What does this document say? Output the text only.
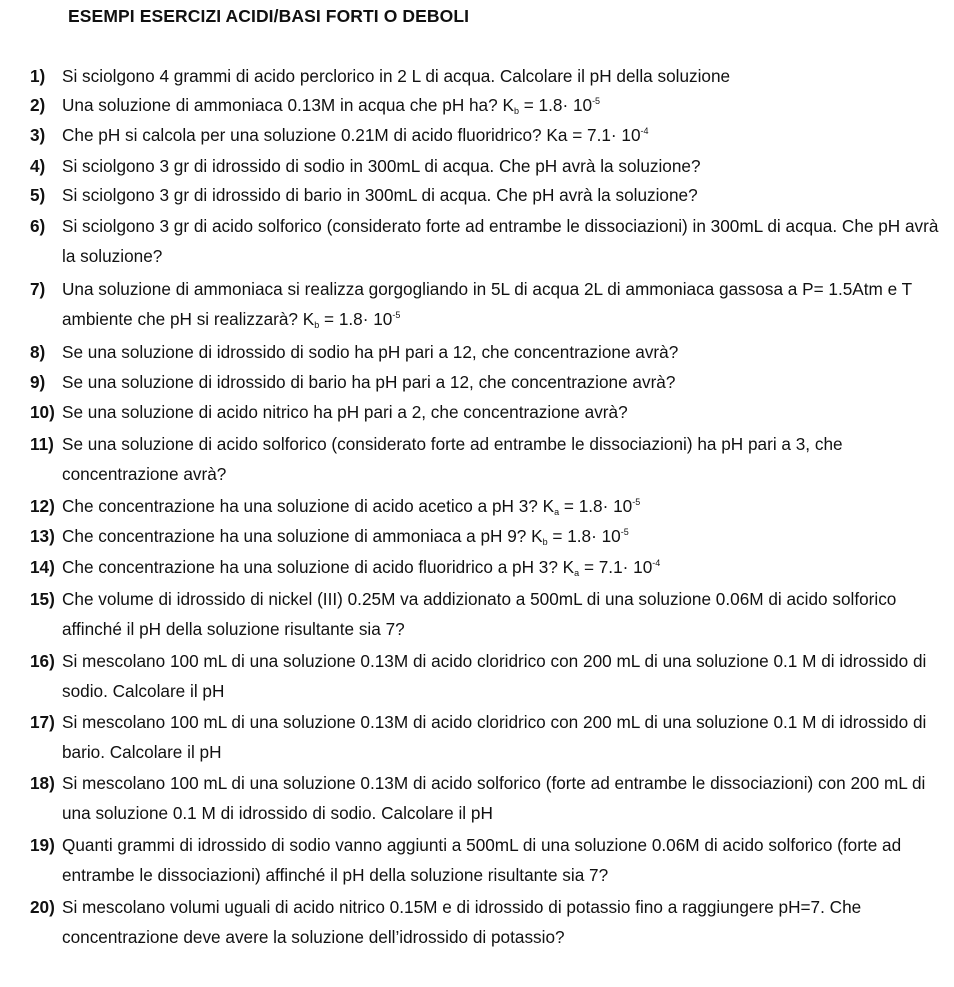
ESEMPI ESERCIZI ACIDI/BASI FORTI O DEBOLI
1) Si sciolgono 4 grammi di acido perclorico in 2 L di acqua. Calcolare il pH della soluzione
2) Una soluzione di ammoniaca 0.13M in acqua che pH ha? $K_b = 1.8\cdot 10^{-5}$
3) Che pH si calcola per una soluzione 0.21M di acido fluoridrico? $Ka = 7.1\cdot 10^{-4}$
4) Si sciolgono 3 gr di idrossido di sodio in 300mL di acqua. Che pH avrà la soluzione?
5) Si sciolgono 3 gr di idrossido di bario in 300mL di acqua. Che pH avrà la soluzione?
6) Si sciolgono 3 gr di acido solforico (considerato forte ad entrambe le dissociazioni) in 300mL di acqua. Che pH avrà la soluzione?
7) Una soluzione di ammoniaca si realizza gorgogliando in 5L di acqua 2L di ammoniaca gassosa a P= 1.5Atm e T ambiente che pH si realizzarà? $K_b = 1.8\cdot 10^{-5}$
8) Se una soluzione di idrossido di sodio ha pH pari a 12, che concentrazione avrà?
9) Se una soluzione di idrossido di bario ha pH pari a 12, che concentrazione avrà?
10) Se una soluzione di acido nitrico ha pH pari a 2, che concentrazione avrà?
11) Se una soluzione di acido solforico (considerato forte ad entrambe le dissociazioni) ha pH pari a 3, che concentrazione avrà?
12) Che concentrazione ha una soluzione di acido acetico a pH 3? $K_a = 1.8\cdot 10^{-5}$
13) Che concentrazione ha una soluzione di ammoniaca a pH 9? $K_b = 1.8\cdot 10^{-5}$
14) Che concentrazione ha una soluzione di acido fluoridrico a pH 3? $K_a = 7.1\cdot 10^{-4}$
15) Che volume di idrossido di nickel (III) 0.25M va addizionato a 500mL di una soluzione 0.06M di acido solforico affinché il pH della soluzione risultante sia 7?
16) Si mescolano 100 mL di una soluzione 0.13M di acido cloridrico con 200 mL di una soluzione 0.1 M di idrossido di sodio. Calcolare il pH
17) Si mescolano 100 mL di una soluzione 0.13M di acido cloridrico con 200 mL di una soluzione 0.1 M di idrossido di bario. Calcolare il pH
18) Si mescolano 100 mL di una soluzione 0.13M di acido solforico (forte ad entrambe le dissociazioni) con 200 mL di una soluzione 0.1 M di idrossido di sodio. Calcolare il pH
19) Quanti grammi di idrossido di sodio vanno aggiunti a 500mL di una soluzione 0.06M di acido solforico (forte ad entrambe le dissociazioni) affinché il pH della soluzione risultante sia 7?
20) Si mescolano volumi uguali di acido nitrico 0.15M e di idrossido di potassio fino a raggiungere pH=7. Che concentrazione deve avere la soluzione dell’idrossido di potassio?
